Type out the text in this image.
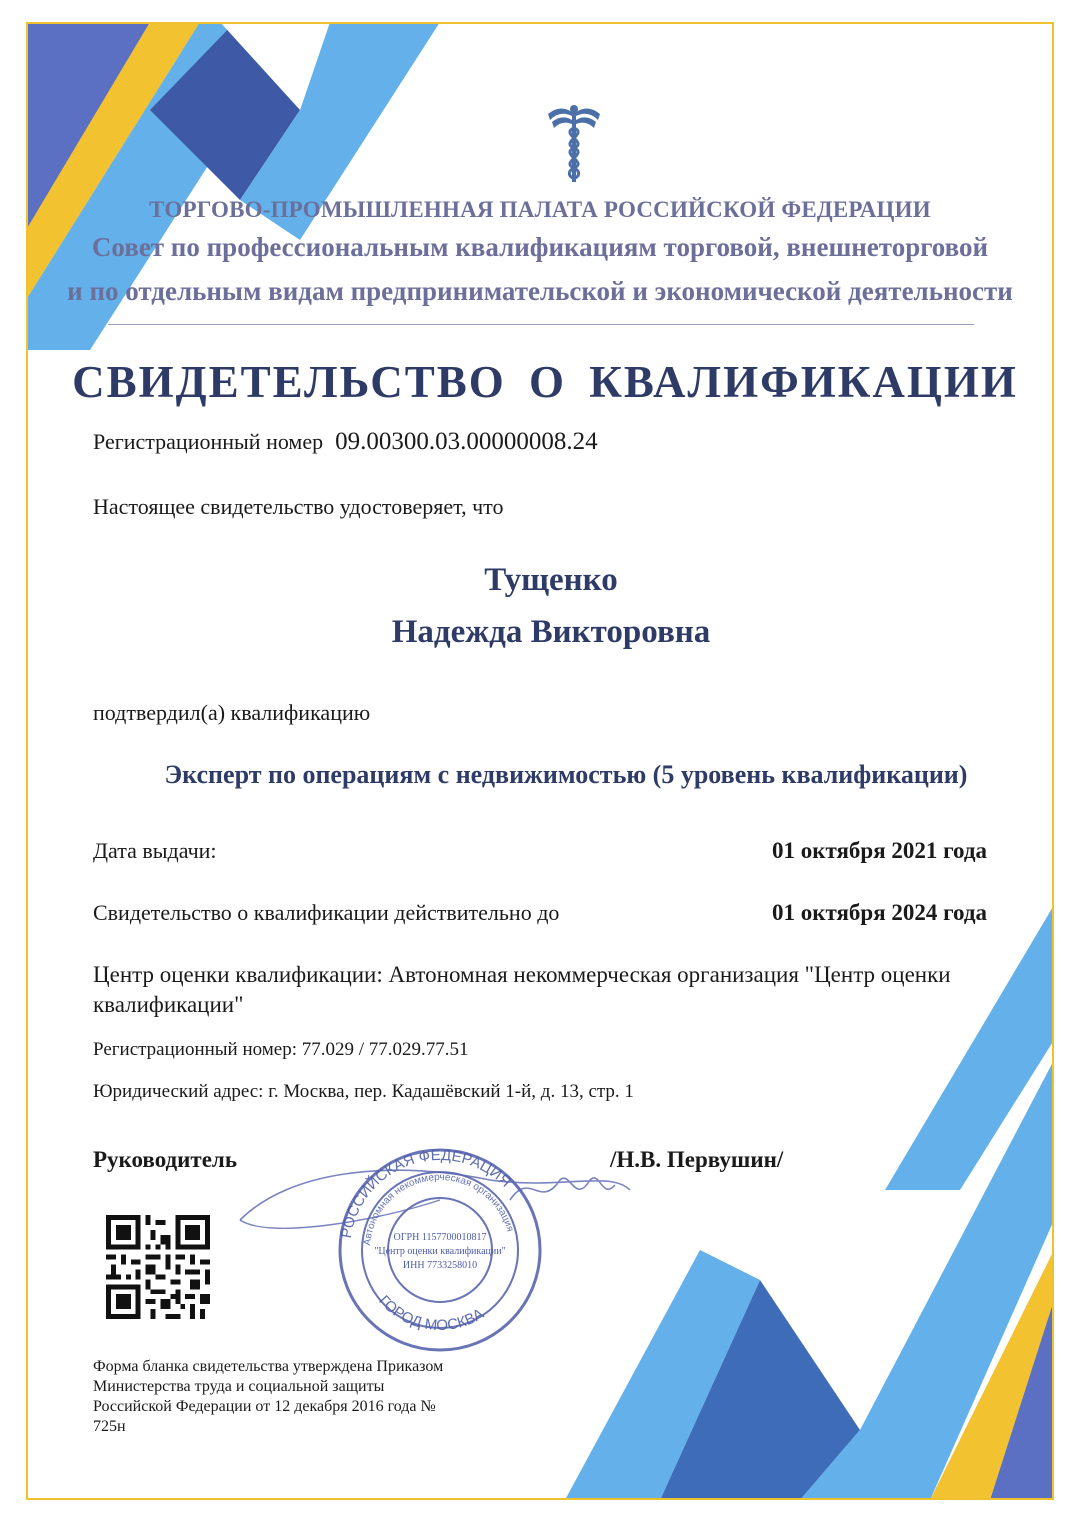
ТОРГОВО-ПРОМЫШЛЕННАЯ ПАЛАТА РОССИЙСКОЙ ФЕДЕРАЦИИ
Совет по профессиональным квалификациям торговой, внешнеторговой
и по отдельным видам предпринимательской и экономической деятельности
СВИДЕТЕЛЬСТВО О КВАЛИФИКАЦИИ
Регистрационный номер 09.00300.03.00000008.24
Настоящее свидетельство удостоверяет, что
Тущенко
Надежда Викторовна
подтвердил(а) квалификацию
Эксперт по операциям с недвижимостью (5 уровень квалификации)
Дата выдачи:	01 октября 2021 года
Свидетельство о квалификации действительно до	01 октября 2024 года
Центр оценки квалификации: Автономная некоммерческая организация "Центр оценки квалификации"
Регистрационный номер: 77.029 / 77.029.77.51
Юридический адрес: г. Москва, пер. Кадашёвский 1-й, д. 13, стр. 1
РОССИЙСКАЯ ФЕДЕРАЦИЯ
ГОРОД МОСКВА
Автономная некоммерческая организация
ОГРН 1157700010817
"Центр оценки квалификации"
ИНН 7733258010
Руководитель	/Н.В. Первушин/
Форма бланка свидетельства утверждена Приказом Министерства труда и социальной защиты Российской Федерации от 12 декабря 2016 года № 725н
